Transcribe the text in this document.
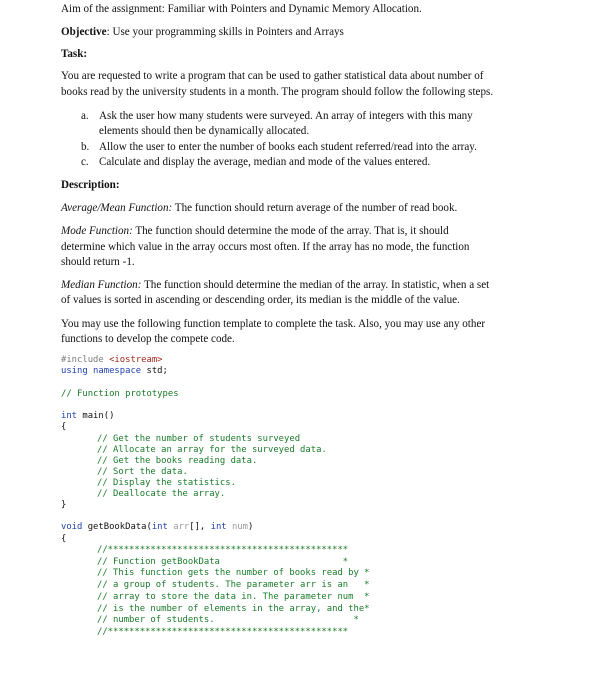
Aim of the assignment: Familiar with Pointers and Dynamic Memory Allocation.
Objective: Use your programming skills in Pointers and Arrays
Task:
You are requested to write a program that can be used to gather statistical data about number of
books read by the university students in a month. The program should follow the following steps.
a. Ask the user how many students were surveyed. An array of integers with this many
elements should then be dynamically allocated.
b. Allow the user to enter the number of books each student referred/read into the array.
c. Calculate and display the average, median and mode of the values entered.
Description:
Average/Mean Function: The function should return average of the number of read book.
Mode Function: The function should determine the mode of the array. That is, it should
determine which value in the array occurs most often. If the array has no mode, the function
should return -1.
Median Function: The function should determine the median of the array. In statistic, when a set
of values is sorted in ascending or descending order, its median is the middle of the value.
You may use the following function template to complete the task. Also, you may use any other
functions to develop the compete code.
#include <iostream>
using namespace std;
// Function prototypes
int main()
{
// Get the number of students surveyed
// Allocate an array for the surveyed data.
// Get the books reading data.
// Sort the data.
// Display the statistics.
// Deallocate the array.
}
void getBookData(int arr[], int num)
{
//*********************************************
// Function getBookData                       *
// This function gets the number of books read by *
// a group of students. The parameter arr is an   *
// array to store the data in. The parameter num  *
// is the number of elements in the array, and the*
// number of students.                          *
//*********************************************
